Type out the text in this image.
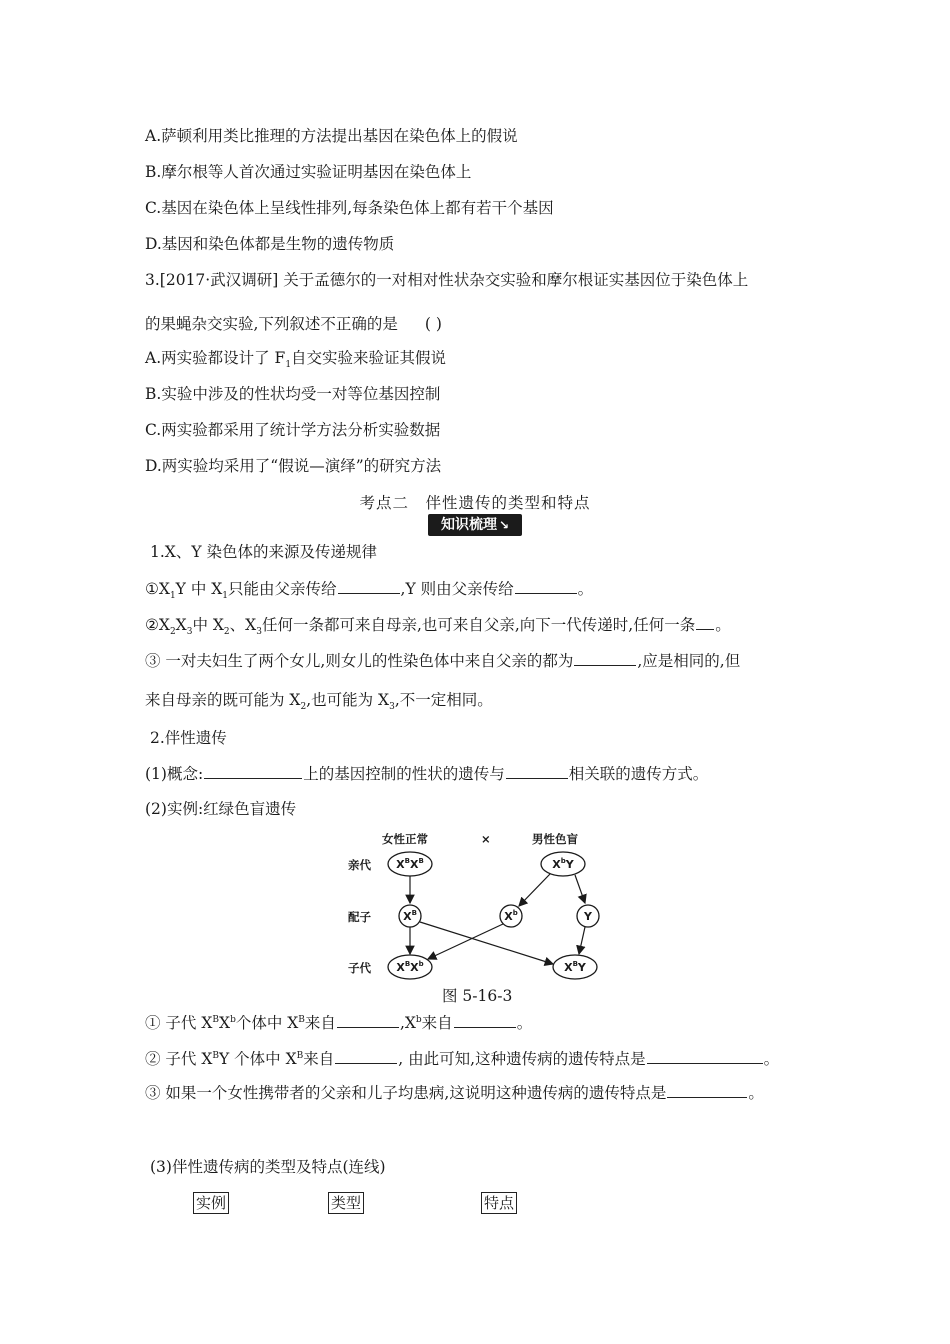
A.萨顿利用类比推理的方法提出基因在染色体上的假说
B.摩尔根等人首次通过实验证明基因在染色体上
C.基因在染色体上呈线性排列,每条染色体上都有若干个基因
D.基因和染色体都是生物的遗传物质
3.[2017·武汉调研] 关于孟德尔的一对相对性状杂交实验和摩尔根证实基因位于染色体上
的果蝇杂交实验,下列叙述不正确的是 ( )
A.两实验都设计了 $F_1$自交实验来验证其假说
B.实验中涉及的性状均受一对等位基因控制
C.两实验都采用了统计学方法分析实验数据
D.两实验均采用了“假说—演绎”的研究方法
考点二　伴性遗传的类型和特点
知识梳理 ↘
1.X、Y 染色体的来源及传递规律
$①X_1Y$ 中 $X_1$只能由父亲传给	,Y 则由父亲传给	。
$②X_2X_3$中 $X_2$、$X_3$任何一条都可来自母亲,也可来自父亲,向下一代传递时,任何一条 。
③ 一对夫妇生了两个女儿,则女儿的性染色体中来自父亲的都为	,应是相同的,但
来自母亲的既可能为 $X_2$,也可能为 $X_3$,不一定相同。
2.伴性遗传
(1)概念:	上的基因控制的性状的遗传与	相关联的遗传方式。
(2)实例:红绿色盲遗传
女性正常	×	男性色盲
亲代
配子
子代
$X^BX^B$	$X^bY$
$X^B$	$X^b$	Y
$X^BX^b$	$X^BY$
图 5-16-3
① 子代 $X^BX^b$个体中 $X^B$来自	$,X^b$来自	。
② 子代 $X^BY$ 个体中 $X^B$来自	, 由此可知,这种遗传病的遗传特点是	。
③ 如果一个女性携带者的父亲和儿子均患病,这说明这种遗传病的遗传特点是	。
(3)伴性遗传病的类型及特点(连线)
实例	类型	特点
